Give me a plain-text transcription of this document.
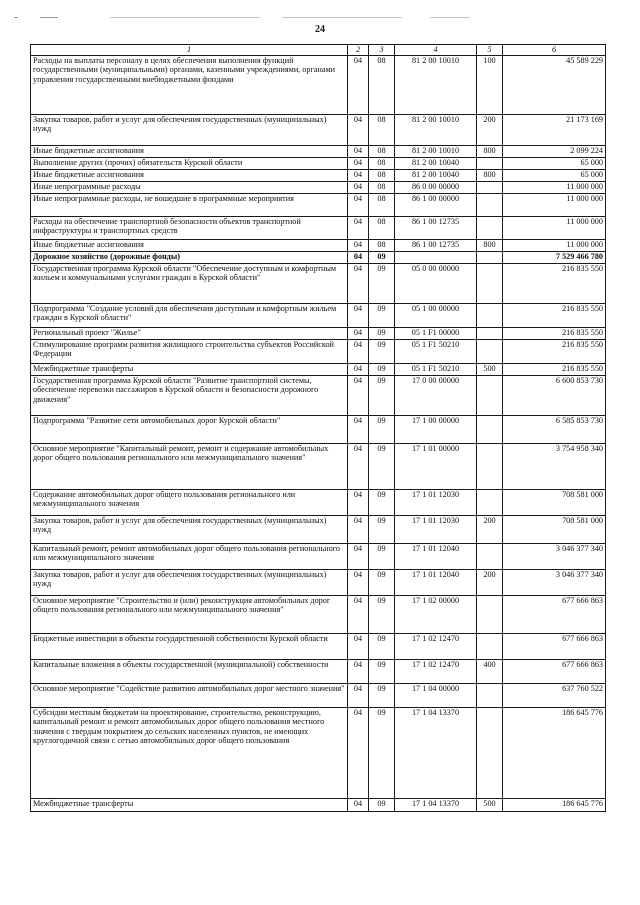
24
1	2	3	4	5	6
Расходы на выплаты персоналу в целях обеспечения выполнения функций государственными (муниципальными) органами, казенными учреждениями, органами управления государственными внебюджетными фондами	04	08	81 2 00 10010	100	45 589 229
Закупка товаров, работ и услуг для обеспечения государственных (муниципальных) нужд	04	08	81 2 00 10010	200	21 173 169
Иные бюджетные ассигнования	04	08	81 2 00 10010	800	2 099 224
Выполнение других (прочих) обязательств Курской области	04	08	81 2 00 10040		65 000
Иные бюджетные ассигнования	04	08	81 2 00 10040	800	65 000
Иные непрограммные расходы	04	08	86 0 00 00000		11 000 000
Иные непрограммные расходы, не вошедшие в программные мероприятия	04	08	86 1 00 00000		11 000 000
Расходы на обеспечение транспортной безопасности объектов транспортной инфраструктуры и транспортных средств	04	08	86 1 00 12735		11 000 000
Иные бюджетные ассигнования	04	08	86 1 00 12735	800	11 000 000
Дорожное хозяйство (дорожные фонды)	04	09			7 529 466 780
Государственная программа Курской области "Обеспечение доступным и комфортным жильем и коммунальными услугами граждан в Курской области"	04	09	05 0 00 00000		216 835 550
Подпрограмма "Создание условий для обеспечения доступным и комфортным жильем граждан в Курской области"	04	09	05 1 00 00000		216 835 550
Региональный проект "Жилье"	04	09	05 1 F1 00000		216 835 550
Стимулирование программ развития жилищного строительства субъектов Российской Федерации	04	09	05 1 F1 50210		216 835 550
Межбюджетные трансферты	04	09	05 1 F1 50210	500	216 835 550
Государственная программа Курской области "Развитие транспортной системы, обеспечение перевозки пассажиров в Курской области и безопасности дорожного движения"	04	09	17 0 00 00000		6 600 853 730
Подпрограмма "Развитие сети автомобильных дорог Курской области"	04	09	17 1 00 00000		6 585 853 730
Основное мероприятие "Капитальный ремонт, ремонт и содержание автомобильных дорог общего пользования регионального или межмуниципального значения"	04	09	17 1 01 00000		3 754 958 340
Содержание автомобильных дорог общего пользования регионального или межмуниципального значения	04	09	17 1 01 12030		708 581 000
Закупка товаров, работ и услуг для обеспечения государственных (муниципальных) нужд	04	09	17 1 01 12030	200	708 581 000
Капитальный ремонт, ремонт автомобильных дорог общего пользования регионального или межмуниципального значения	04	09	17 1 01 12040		3 046 377 340
Закупка товаров, работ и услуг для обеспечения государственных (муниципальных) нужд	04	09	17 1 01 12040	200	3 046 377 340
Основное мероприятие "Строительство и (или) реконструкция автомобильных дорог общего пользования регионального или межмуниципального значения"	04	09	17 1 02 00000		677 666 863
Бюджетные инвестиции в объекты государственной собственности Курской области	04	09	17 1 02 12470		677 666 863
Капитальные вложения в объекты государственной (муниципальной) собственности	04	09	17 1 02 12470	400	677 666 863
Основное мероприятие "Содействие развитию автомобильных дорог местного значения"	04	09	17 1 04 00000		637 760 522
Субсидии местным бюджетам на проектирование, строительство, реконструкцию, капитальный ремонт и ремонт автомобильных дорог общего пользования местного значения с твердым покрытием до сельских населенных пунктов, не имеющих круглогодичной связи с сетью автомобильных дорог общего пользования	04	09	17 1 04 13370		186 645 776
Межбюджетные трансферты	04	09	17 1 04 13370	500	186 645 776
